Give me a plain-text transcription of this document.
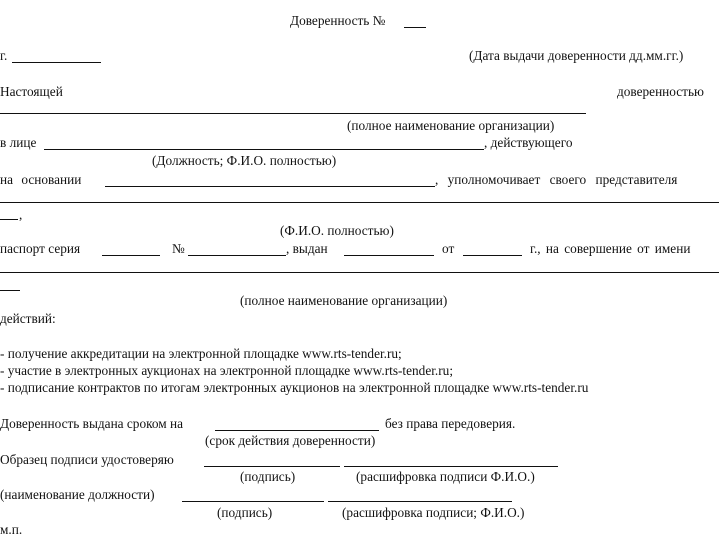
Доверенность №
г.	(Дата выдачи доверенности дд.мм.гг.)
Настоящей	доверенностью
(полное наименование организации)
в лице	, действующего
(Должность; Ф.И.О. полностью)
на основании	, уполномочивает своего представителя
,
(Ф.И.О. полностью)
паспорт серия	№	, выдан	от	г., на совершение от имени
(полное наименование организации)
действий:
- получение аккредитации на электронной площадке www.rts-tender.ru;
- участие в электронных аукционах на электронной площадке www.rts-tender.ru;
- подписание контрактов по итогам электронных аукционов на электронной площадке www.rts-tender.ru
Доверенность выдана сроком на	без права передоверия.
(срок действия доверенности)
Образец подписи удостоверяю
(подпись)	(расшифровка подписи Ф.И.О.)
(наименование должности)
(подпись)	(расшифровка подписи; Ф.И.О.)
м.п.
